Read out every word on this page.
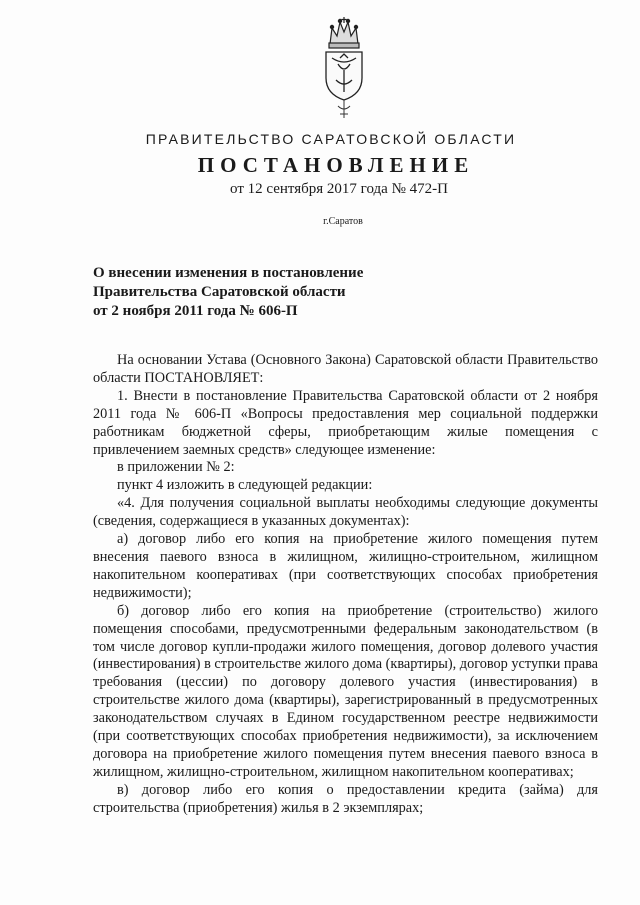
ПРАВИТЕЛЬСТВО САРАТОВСКОЙ ОБЛАСТИ
ПОСТАНОВЛЕНИЕ
от 12 сентября 2017 года № 472-П
г.Саратов
О внесении изменения в постановление
Правительства Саратовской области
от 2 ноября 2011 года № 606-П

На основании Устава (Основного Закона) Саратовской области Правительство области ПОСТАНОВЛЯЕТ:

1. Внести в постановление Правительства Саратовской области от 2 ноября 2011 года № 606-П «Вопросы предоставления мер социальной поддержки работникам бюджетной сферы, приобретающим жилые помещения с привлечением заемных средств» следующее изменение:

в приложении № 2:

пункт 4 изложить в следующей редакции:

«4. Для получения социальной выплаты необходимы следующие документы (сведения, содержащиеся в указанных документах):

а) договор либо его копия на приобретение жилого помещения путем внесения паевого взноса в жилищном, жилищно-строительном, жилищном накопительном кооперативах (при соответствующих способах приобретения недвижимости);

б) договор либо его копия на приобретение (строительство) жилого помещения способами, предусмотренными федеральным законодательством (в том числе договор купли-продажи жилого помещения, договор долевого участия (инвестирования) в строительстве жилого дома (квартиры), договор уступки права требования (цессии) по договору долевого участия (инвестирования) в строительстве жилого дома (квартиры), зарегистрированный в предусмотренных законодательством случаях в Едином государственном реестре недвижимости (при соответствующих способах приобретения недвижимости), за исключением договора на приобретение жилого помещения путем внесения паевого взноса в жилищном, жилищно-строительном, жилищном накопительном кооперативах;

в) договор либо его копия о предоставлении кредита (займа) для строительства (приобретения) жилья в 2 экземплярах;
